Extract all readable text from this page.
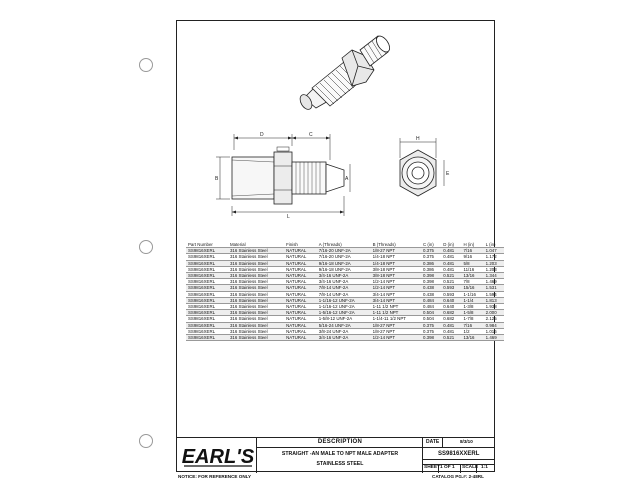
D	C
L
B	A
H
E
Part Number	Material	Finish	A (Threads)	B (Threads)	C (in)	D (in)	H (in)	L (in)
SS9816XERL	316 Stainless Steel	NATURAL	7/16-20 UNF-2A	1/8-27 NPT	0.375	0.481	7/16	1.047
SS9816XERL	316 Stainless Steel	NATURAL	7/16-20 UNF-2A	1/4-18 NPT	0.375	0.481	9/16	1.172
SS9816XERL	316 Stainless Steel	NATURAL	9/16-18 UNF-2A	1/4-18 NPT	0.386	0.481	5/8	1.203
SS9816XERL	316 Stainless Steel	NATURAL	9/16-18 UNF-2A	3/8-18 NPT	0.386	0.481	11/16	1.203
SS9816XERL	316 Stainless Steel	NATURAL	3/4-16 UNF-2A	3/8-18 NPT	0.398	0.521	13/16	1.344
SS9816XERL	316 Stainless Steel	NATURAL	3/4-16 UNF-2A	1/2-14 NPT	0.398	0.521	7/8	1.469
SS9816XERL	316 Stainless Steel	NATURAL	7/8-14 UNF-2A	1/2-14 NPT	0.438	0.593	15/16	1.531
SS9816XERL	316 Stainless Steel	NATURAL	7/8-14 UNF-2A	3/4-14 NPT	0.438	0.593	1-1/16	1.594
SS9816XERL	316 Stainless Steel	NATURAL	1-1/16-12 UNF-2A	3/4-14 NPT	0.484	0.640	1-1/4	1.813
SS9816XERL	316 Stainless Steel	NATURAL	1-1/16-12 UNF-2A	1-11 1/2 NPT	0.484	0.640	1-3/8	1.938
SS9816XERL	316 Stainless Steel	NATURAL	1-5/16-12 UNF-2A	1-11 1/2 NPT	0.504	0.682	1-5/8	2.000
SS9816XERL	316 Stainless Steel	NATURAL	1-5/8-12 UNF-2A	1-1/4-11 1/2 NPT	0.504	0.682	1-7/8	2.125
SS9816XERL	316 Stainless Steel	NATURAL	5/16-24 UNF-2A	1/8-27 NPT	0.375	0.481	7/16	0.984
SS9816XERL	316 Stainless Steel	NATURAL	3/8-24 UNF-2A	1/8-27 NPT	0.375	0.481	1/2	1.016
SS9816XERL	316 Stainless Steel	NATURAL	3/4-16 UNF-2A	1/2-14 NPT	0.398	0.521	13/16	1.469
EARL'S
DESCRIPTION
STRAIGHT -AN MALE TO NPT MALE ADAPTER
STAINLESS STEEL
DATE	8/3/10
SS9816XXERL
SHEET 1 OF 1 SCALE 1:1
NOTICE: FOR REFERENCE ONLY	CATALOG PG.#: 2-48RL
